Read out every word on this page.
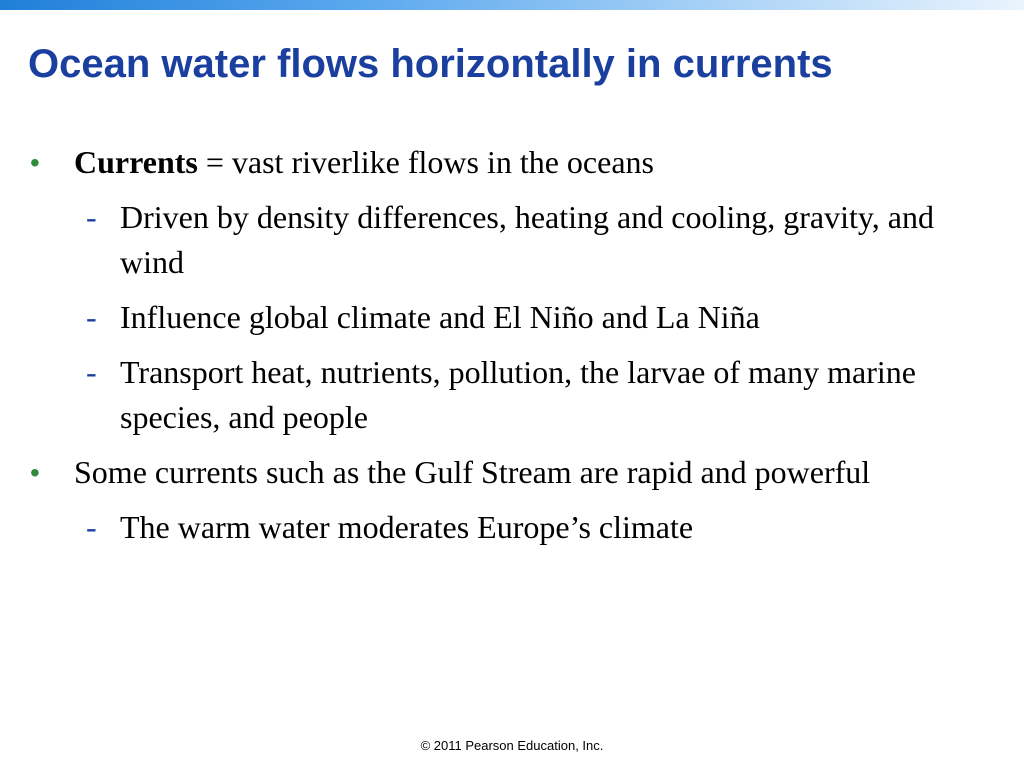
Ocean water flows horizontally in currents
•	Currents = vast riverlike flows in the oceans
- Driven by density differences, heating and cooling, gravity, and wind
- Influence global climate and El Niño and La Niña
- Transport heat, nutrients, pollution, the larvae of many marine species, and people
•	Some currents such as the Gulf Stream are rapid and powerful
- The warm water moderates Europe’s climate
© 2011 Pearson Education, Inc.
